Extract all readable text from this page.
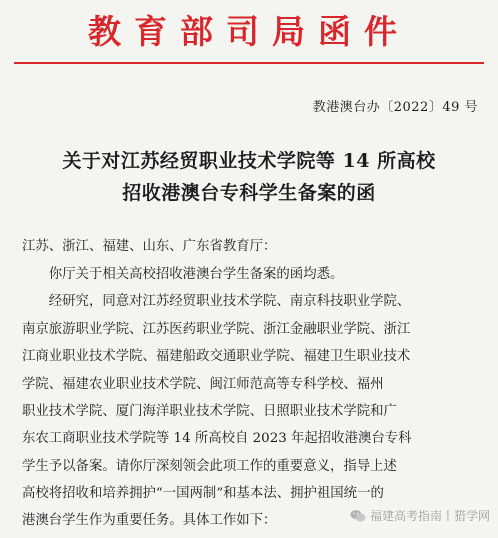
教育部司局函件
教港澳台办〔2022〕49 号
关于对江苏经贸职业技术学院等 14 所高校
招收港澳台专科学生备案的函
江苏、浙江、福建、山东、广东省教育厅：
　　你厅关于相关高校招收港澳台学生备案的函均悉。
　　经研究，同意对江苏经贸职业技术学院、南京科技职业学院、
南京旅游职业学院、江苏医药职业学院、浙江金融职业学院、浙江
江商业职业技术学院、福建船政交通职业学院、福建卫生职业技术
学院、福建农业职业技术学院、闽江师范高等专科学校、福州
职业技术学院、厦门海洋职业技术学院、日照职业技术学院和广
东农工商职业技术学院等 14 所高校自 2023 年起招收港澳台专科
学生予以备案。请你厅深刻领会此项工作的重要意义，指导上述
高校将招收和培养拥护“一国两制”和基本法、拥护祖国统一的
港澳台学生作为重要任务。具体工作如下：	福建高考指南丨猎学网
